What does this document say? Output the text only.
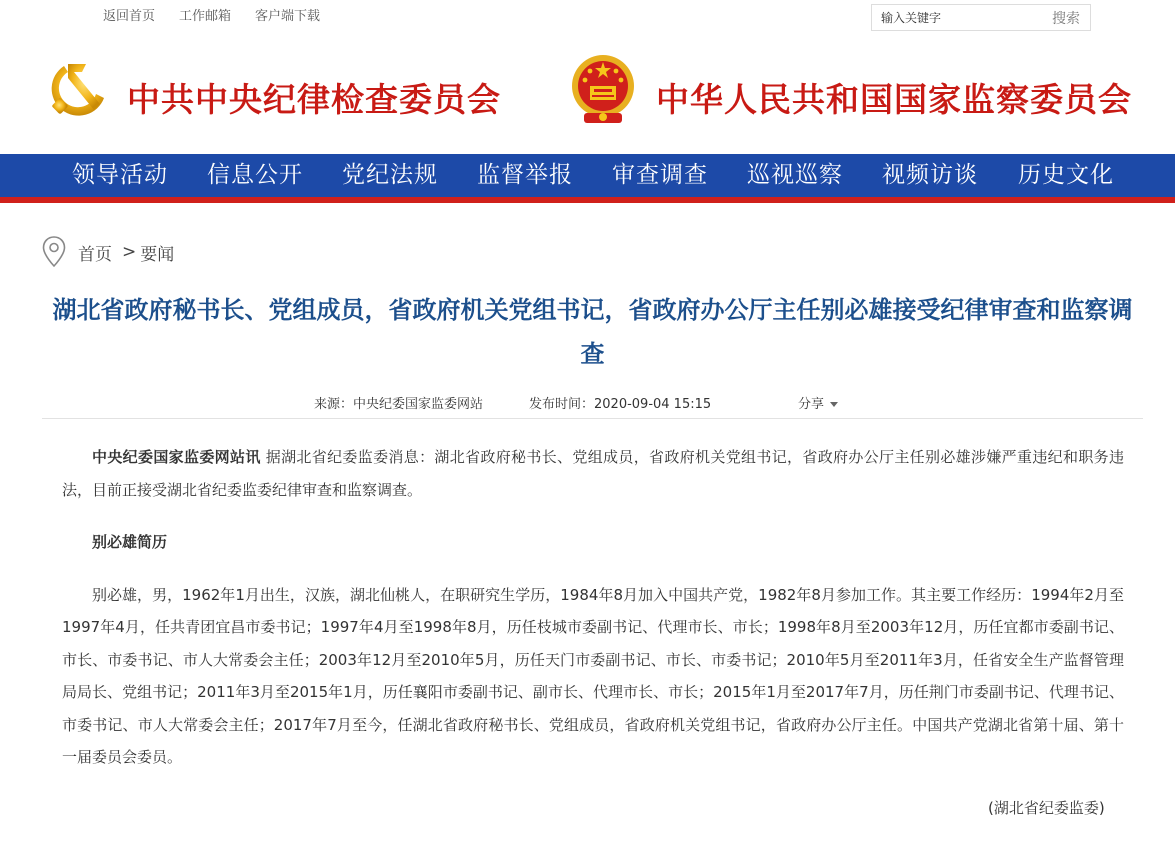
返回首页 工作邮箱 客户端下载
输入关键字	搜索
中共中央纪律检查委员会	中华人民共和国国家监察委员会
领导活动 信息公开 党纪法规 监督举报 审查调查 巡视巡察 视频访谈 历史文化
首页 > 要闻
湖北省政府秘书长、党组成员，省政府机关党组书记，省政府办公厅主任别必雄接受纪律审查和监察调查
来源：中央纪委国家监委网站	发布时间：2020-09-04 15:15	分享

中央纪委国家监委网站讯 据湖北省纪委监委消息：湖北省政府秘书长、党组成员，省政府机关党组书记，省政府办公厅主任别必雄涉嫌严重违纪和职务违法，目前正接受湖北省纪委监委纪律审查和监察调查。

别必雄简历

别必雄，男，1962年1月出生，汉族，湖北仙桃人，在职研究生学历，1984年8月加入中国共产党，1982年8月参加工作。其主要工作经历：1994年2月至1997年4月，任共青团宜昌市委书记；1997年4月至1998年8月，历任枝城市委副书记、代理市长、市长；1998年8月至2003年12月，历任宜都市委副书记、市长、市委书记、市人大常委会主任；2003年12月至2010年5月，历任天门市委副书记、市长、市委书记；2010年5月至2011年3月，任省安全生产监督管理局局长、党组书记；2011年3月至2015年1月，历任襄阳市委副书记、副市长、代理市长、市长；2015年1月至2017年7月，历任荆门市委副书记、代理书记、市委书记、市人大常委会主任；2017年7月至今，任湖北省政府秘书长、党组成员，省政府机关党组书记，省政府办公厅主任。中国共产党湖北省第十届、第十一届委员会委员。

(湖北省纪委监委)
